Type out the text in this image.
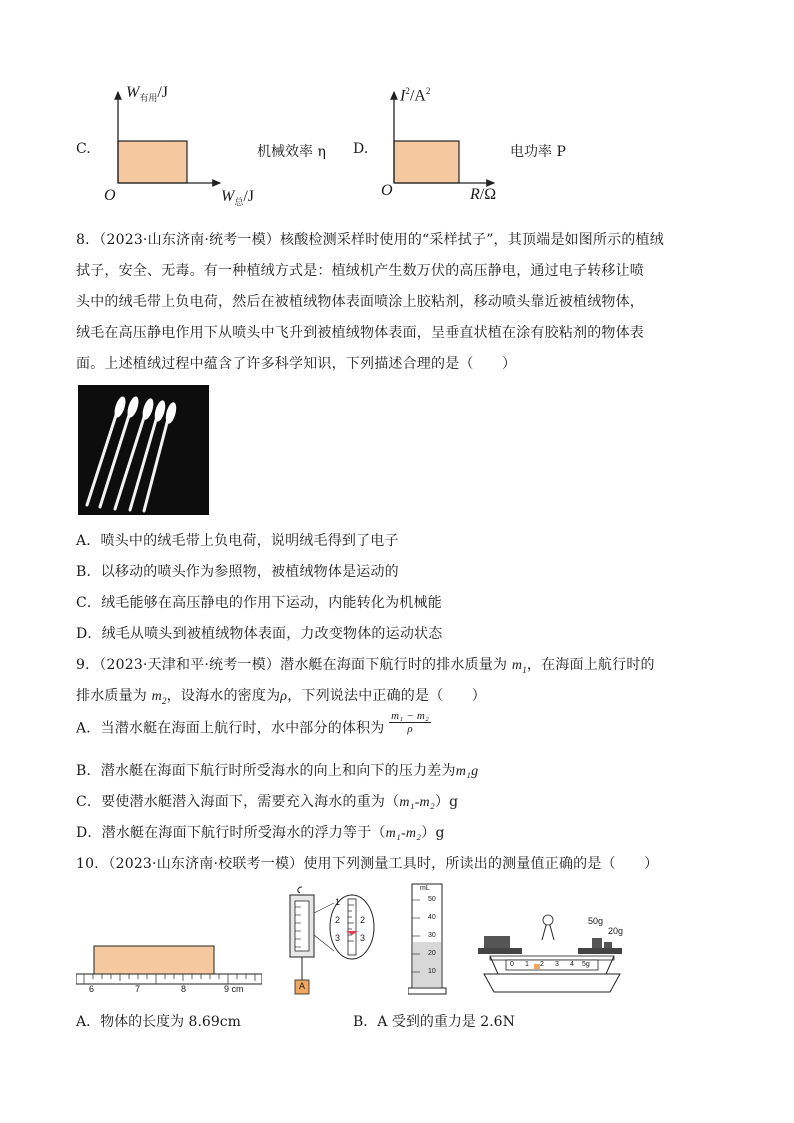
C.
$W_{有用}/J$
O	$W_总/J$
机械效率 η D.
$I^2/A^2$
O	R/Ω
电功率 P
8．（2023·山东济南·统考一模）核酸检测采样时使用的“采样拭子”，其顶端是如图所示的植绒
拭子，安全、无毒。有一种植绒方式是：植绒机产生数万伏的高压静电，通过电子转移让喷
头中的绒毛带上负电荷，然后在被植绒物体表面喷涂上胶粘剂，移动喷头靠近被植绒物体，
绒毛在高压静电作用下从喷头中飞升到被植绒物体表面，呈垂直状植在涂有胶粘剂的物体表
面。上述植绒过程中蕴含了许多科学知识，下列描述合理的是（　　）
A．喷头中的绒毛带上负电荷，说明绒毛得到了电子
B．以移动的喷头作为参照物，被植绒物体是运动的
C．绒毛能够在高压静电的作用下运动，内能转化为机械能
D．绒毛从喷头到被植绒物体表面，力改变物体的运动状态
9．（2023·天津和平·统考一模）潜水艇在海面下航行时的排水质量为 $m_1$，在海面上航行时的
排水质量为 $m_2$，设海水的密度为ρ，下列说法中正确的是（　　）
A．当潜水艇在海面上航行时，水中部分的体积为 $\frac{\text{m₁ − m₂}}{\rho}$
B．潜水艇在海面下航行时所受海水的向上和向下的压力差为m₁g
C．要使潜水艇潜入海面下，需要充入海水的重为（m₁-m₂）g
D．潜水艇在海面下航行时所受海水的浮力等于（m₁-m₂）g
10．（2023·山东济南·校联考一模）使用下列测量工具时，所读出的测量值正确的是（　　）
6	7	8	9 cm
1
2
3
2
3
A
mL
50
40
30
20
10
0 1 2 3 4 5g
50g
20g
A．物体的长度为 8.69cm	B．A 受到的重力是 2.6N
